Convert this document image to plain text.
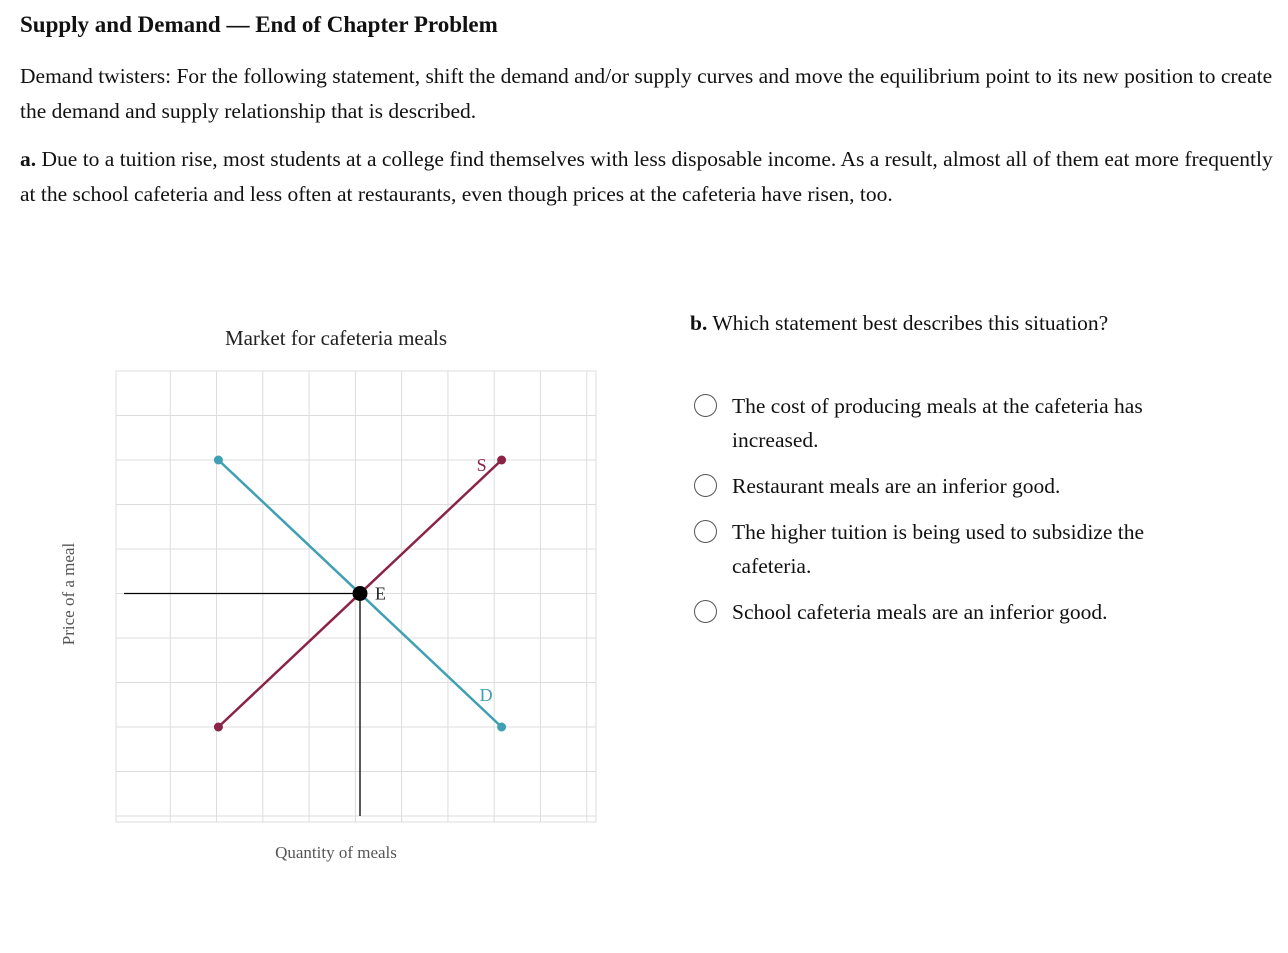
Supply and Demand — End of Chapter Problem

Demand twisters: For the following statement, shift the demand and/or supply curves and move the equilibrium point to its new position to create the demand and supply relationship that is described.

a. Due to a tuition rise, most students at a college find themselves with less disposable income. As a result, almost all of them eat more frequently at the school cafeteria and less often at restaurants, even though prices at the cafeteria have risen, too.

Market for cafeteria meals
Price of a meal
Quantity of meals
S
D
E

b. Which statement best describes this situation?

The cost of producing meals at the cafeteria has increased.
Restaurant meals are an inferior good.
The higher tuition is being used to subsidize the cafeteria.
School cafeteria meals are an inferior good.
